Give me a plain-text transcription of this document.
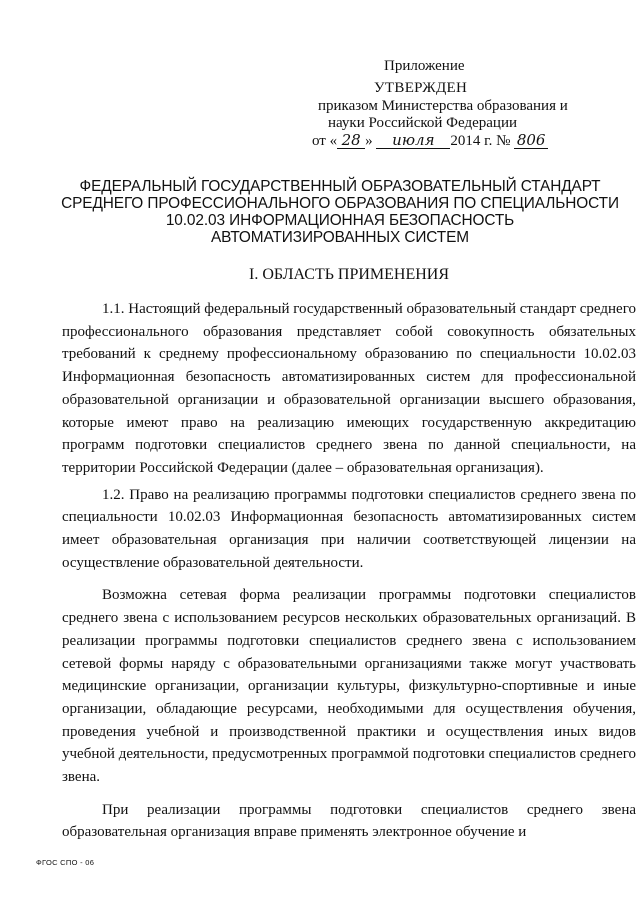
Приложение
УТВЕРЖДЕН
приказом Министерства образования и
науки Российской Федерации
от « 28 » июля 2014 г. № 806
ФЕДЕРАЛЬНЫЙ ГОСУДАРСТВЕННЫЙ ОБРАЗОВАТЕЛЬНЫЙ СТАНДАРТ
СРЕДНЕГО ПРОФЕССИОНАЛЬНОГО ОБРАЗОВАНИЯ ПО СПЕЦИАЛЬНОСТИ
10.02.03 ИНФОРМАЦИОННАЯ БЕЗОПАСНОСТЬ
АВТОМАТИЗИРОВАННЫХ СИСТЕМ
I. ОБЛАСТЬ ПРИМЕНЕНИЯ

1.1. Настоящий федеральный государственный образовательный стандарт среднего профессионального образования представляет собой совокупность обязательных требований к среднему профессиональному образованию по специальности 10.02.03 Информационная безопасность автоматизированных систем для профессиональной образовательной организации и образовательной организации высшего образования, которые имеют право на реализацию имеющих государственную аккредитацию программ подготовки специалистов среднего звена по данной специальности, на территории Российской Федерации (далее – образовательная организация).

1.2. Право на реализацию программы подготовки специалистов среднего звена по специальности 10.02.03 Информационная безопасность автоматизированных систем имеет образовательная организация при наличии соответствующей лицензии на осуществление образовательной деятельности.

Возможна сетевая форма реализации программы подготовки специалистов среднего звена с использованием ресурсов нескольких образовательных организаций. В реализации программы подготовки специалистов среднего звена с использованием сетевой формы наряду с образовательными организациями также могут участвовать медицинские организации, организации культуры, физкультурно-спортивные и иные организации, обладающие ресурсами, необходимыми для осуществления обучения, проведения учебной и производственной практики и осуществления иных видов учебной деятельности, предусмотренных программой подготовки специалистов среднего звена.

При реализации программы подготовки специалистов среднего звена образовательная организация вправе применять электронное обучение и

ФГОС СПО - 06
